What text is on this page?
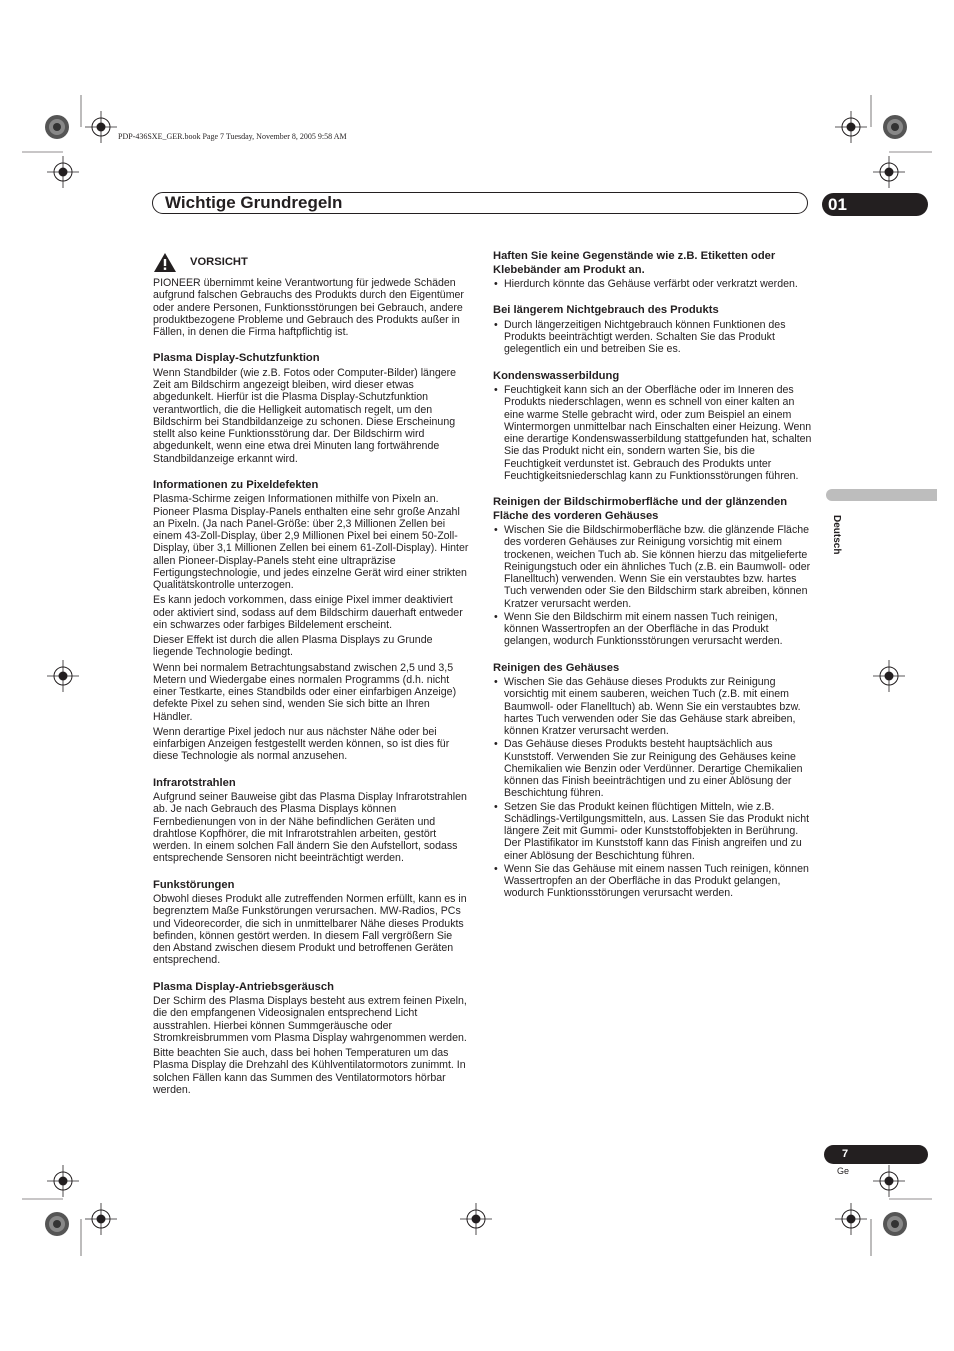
PDP-436SXE_GER.book Page 7 Tuesday, November 8, 2005 9:58 AM
Wichtige Grundregeln	01
VORSICHT

PIONEER übernimmt keine Verantwortung für jedwede Schäden aufgrund falschen Gebrauchs des Produkts durch den Eigentümer oder andere Personen, Funktionsstörungen bei Gebrauch, andere produktbezogene Probleme und Gebrauch des Produkts außer in Fällen, in denen die Firma haftpflichtig ist.

Plasma Display-Schutzfunktion

Wenn Standbilder (wie z.B. Fotos oder Computer-Bilder) längere Zeit am Bildschirm angezeigt bleiben, wird dieser etwas abgedunkelt. Hierfür ist die Plasma Display-Schutzfunktion verantwortlich, die die Helligkeit automatisch regelt, um den Bildschirm bei Standbildanzeige zu schonen. Diese Erscheinung stellt also keine Funktionsstörung dar. Der Bildschirm wird abgedunkelt, wenn eine etwa drei Minuten lang fortwährende Standbildanzeige erkannt wird.

Informationen zu Pixeldefekten

Plasma-Schirme zeigen Informationen mithilfe von Pixeln an. Pioneer Plasma Display-Panels enthalten eine sehr große Anzahl an Pixeln. (Ja nach Panel-Größe: über 2,3 Millionen Zellen bei einem 43-Zoll-Display, über 2,9 Millionen Pixel bei einem 50-Zoll-Display, über 3,1 Millionen Zellen bei einem 61-Zoll-Display). Hinter allen Pioneer-Display-Panels steht eine ultrapräzise Fertigungstechnologie, und jedes einzelne Gerät wird einer strikten Qualitätskontrolle unterzogen.

Es kann jedoch vorkommen, dass einige Pixel immer deaktiviert oder aktiviert sind, sodass auf dem Bildschirm dauerhaft entweder ein schwarzes oder farbiges Bildelement erscheint.

Dieser Effekt ist durch die allen Plasma Displays zu Grunde liegende Technologie bedingt.

Wenn bei normalem Betrachtungsabstand zwischen 2,5 und 3,5 Metern und Wiedergabe eines normalen Programms (d.h. nicht einer Testkarte, eines Standbilds oder einer einfarbigen Anzeige) defekte Pixel zu sehen sind, wenden Sie sich bitte an Ihren Händler.

Wenn derartige Pixel jedoch nur aus nächster Nähe oder bei einfarbigen Anzeigen festgestellt werden können, so ist dies für diese Technologie als normal anzusehen.

Infrarotstrahlen

Aufgrund seiner Bauweise gibt das Plasma Display Infrarotstrahlen ab. Je nach Gebrauch des Plasma Displays können Fernbedienungen von in der Nähe befindlichen Geräten und drahtlose Kopfhörer, die mit Infrarotstrahlen arbeiten, gestört werden. In einem solchen Fall ändern Sie den Aufstellort, sodass entsprechende Sensoren nicht beeinträchtigt werden.

Funkstörungen

Obwohl dieses Produkt alle zutreffenden Normen erfüllt, kann es in begrenztem Maße Funkstörungen verursachen. MW-Radios, PCs und Videorecorder, die sich in unmittelbarer Nähe dieses Produkts befinden, können gestört werden. In diesem Fall vergrößern Sie den Abstand zwischen diesem Produkt und betroffenen Geräten entsprechend.

Plasma Display-Antriebsgeräusch

Der Schirm des Plasma Displays besteht aus extrem feinen Pixeln, die den empfangenen Videosignalen entsprechend Licht ausstrahlen. Hierbei können Summgeräusche oder Stromkreisbrummen vom Plasma Display wahrgenommen werden.

Bitte beachten Sie auch, dass bei hohen Temperaturen um das Plasma Display die Drehzahl des Kühlventilatormotors zunimmt. In solchen Fällen kann das Summen des Ventilatormotors hörbar werden.

Haften Sie keine Gegenstände wie z.B. Etiketten oder Klebebänder am Produkt an.
• Hierdurch könnte das Gehäuse verfärbt oder verkratzt werden.
Bei längerem Nichtgebrauch des Produkts
• Durch längerzeitigen Nichtgebrauch können Funktionen des Produkts beeinträchtigt werden. Schalten Sie das Produkt gelegentlich ein und betreiben Sie es.
Kondenswasserbildung
• Feuchtigkeit kann sich an der Oberfläche oder im Inneren des Produkts niederschlagen, wenn es schnell von einer kalten an eine warme Stelle gebracht wird, oder zum Beispiel an einem Wintermorgen unmittelbar nach Einschalten einer Heizung. Wenn eine derartige Kondenswasserbildung stattgefunden hat, schalten Sie das Produkt nicht ein, sondern warten Sie, bis die Feuchtigkeit verdunstet ist. Gebrauch des Produkts unter Feuchtigkeitsniederschlag kann zu Funktionsstörungen führen.
Reinigen der Bildschirmoberfläche und der glänzenden Fläche des vorderen Gehäuses
• Wischen Sie die Bildschirmoberfläche bzw. die glänzende Fläche des vorderen Gehäuses zur Reinigung vorsichtig mit einem trockenen, weichen Tuch ab. Sie können hierzu das mitgelieferte Reinigungstuch oder ein ähnliches Tuch (z.B. ein Baumwoll- oder Flanelltuch) verwenden. Wenn Sie ein verstaubtes bzw. hartes Tuch verwenden oder Sie den Bildschirm stark abreiben, können Kratzer verursacht werden.
• Wenn Sie den Bildschirm mit einem nassen Tuch reinigen, können Wassertropfen an der Oberfläche in das Produkt gelangen, wodurch Funktionsstörungen verursacht werden.
Reinigen des Gehäuses
• Wischen Sie das Gehäuse dieses Produkts zur Reinigung vorsichtig mit einem sauberen, weichen Tuch (z.B. mit einem Baumwoll- oder Flanelltuch) ab. Wenn Sie ein verstaubtes bzw. hartes Tuch verwenden oder Sie das Gehäuse stark abreiben, können Kratzer verursacht werden.
• Das Gehäuse dieses Produkts besteht hauptsächlich aus Kunststoff. Verwenden Sie zur Reinigung des Gehäuses keine Chemikalien wie Benzin oder Verdünner. Derartige Chemikalien können das Finish beeinträchtigen und zu einer Ablösung der Beschichtung führen.
• Setzen Sie das Produkt keinen flüchtigen Mitteln, wie z.B. Schädlings-Vertilgungsmitteln, aus. Lassen Sie das Produkt nicht längere Zeit mit Gummi- oder Kunststoffobjekten in Berührung. Der Plastifikator im Kunststoff kann das Finish angreifen und zu einer Ablösung der Beschichtung führen.
• Wenn Sie das Gehäuse mit einem nassen Tuch reinigen, können Wassertropfen an der Oberfläche in das Produkt gelangen, wodurch Funktionsstörungen verursacht werden.
Deutsch
7
Ge
